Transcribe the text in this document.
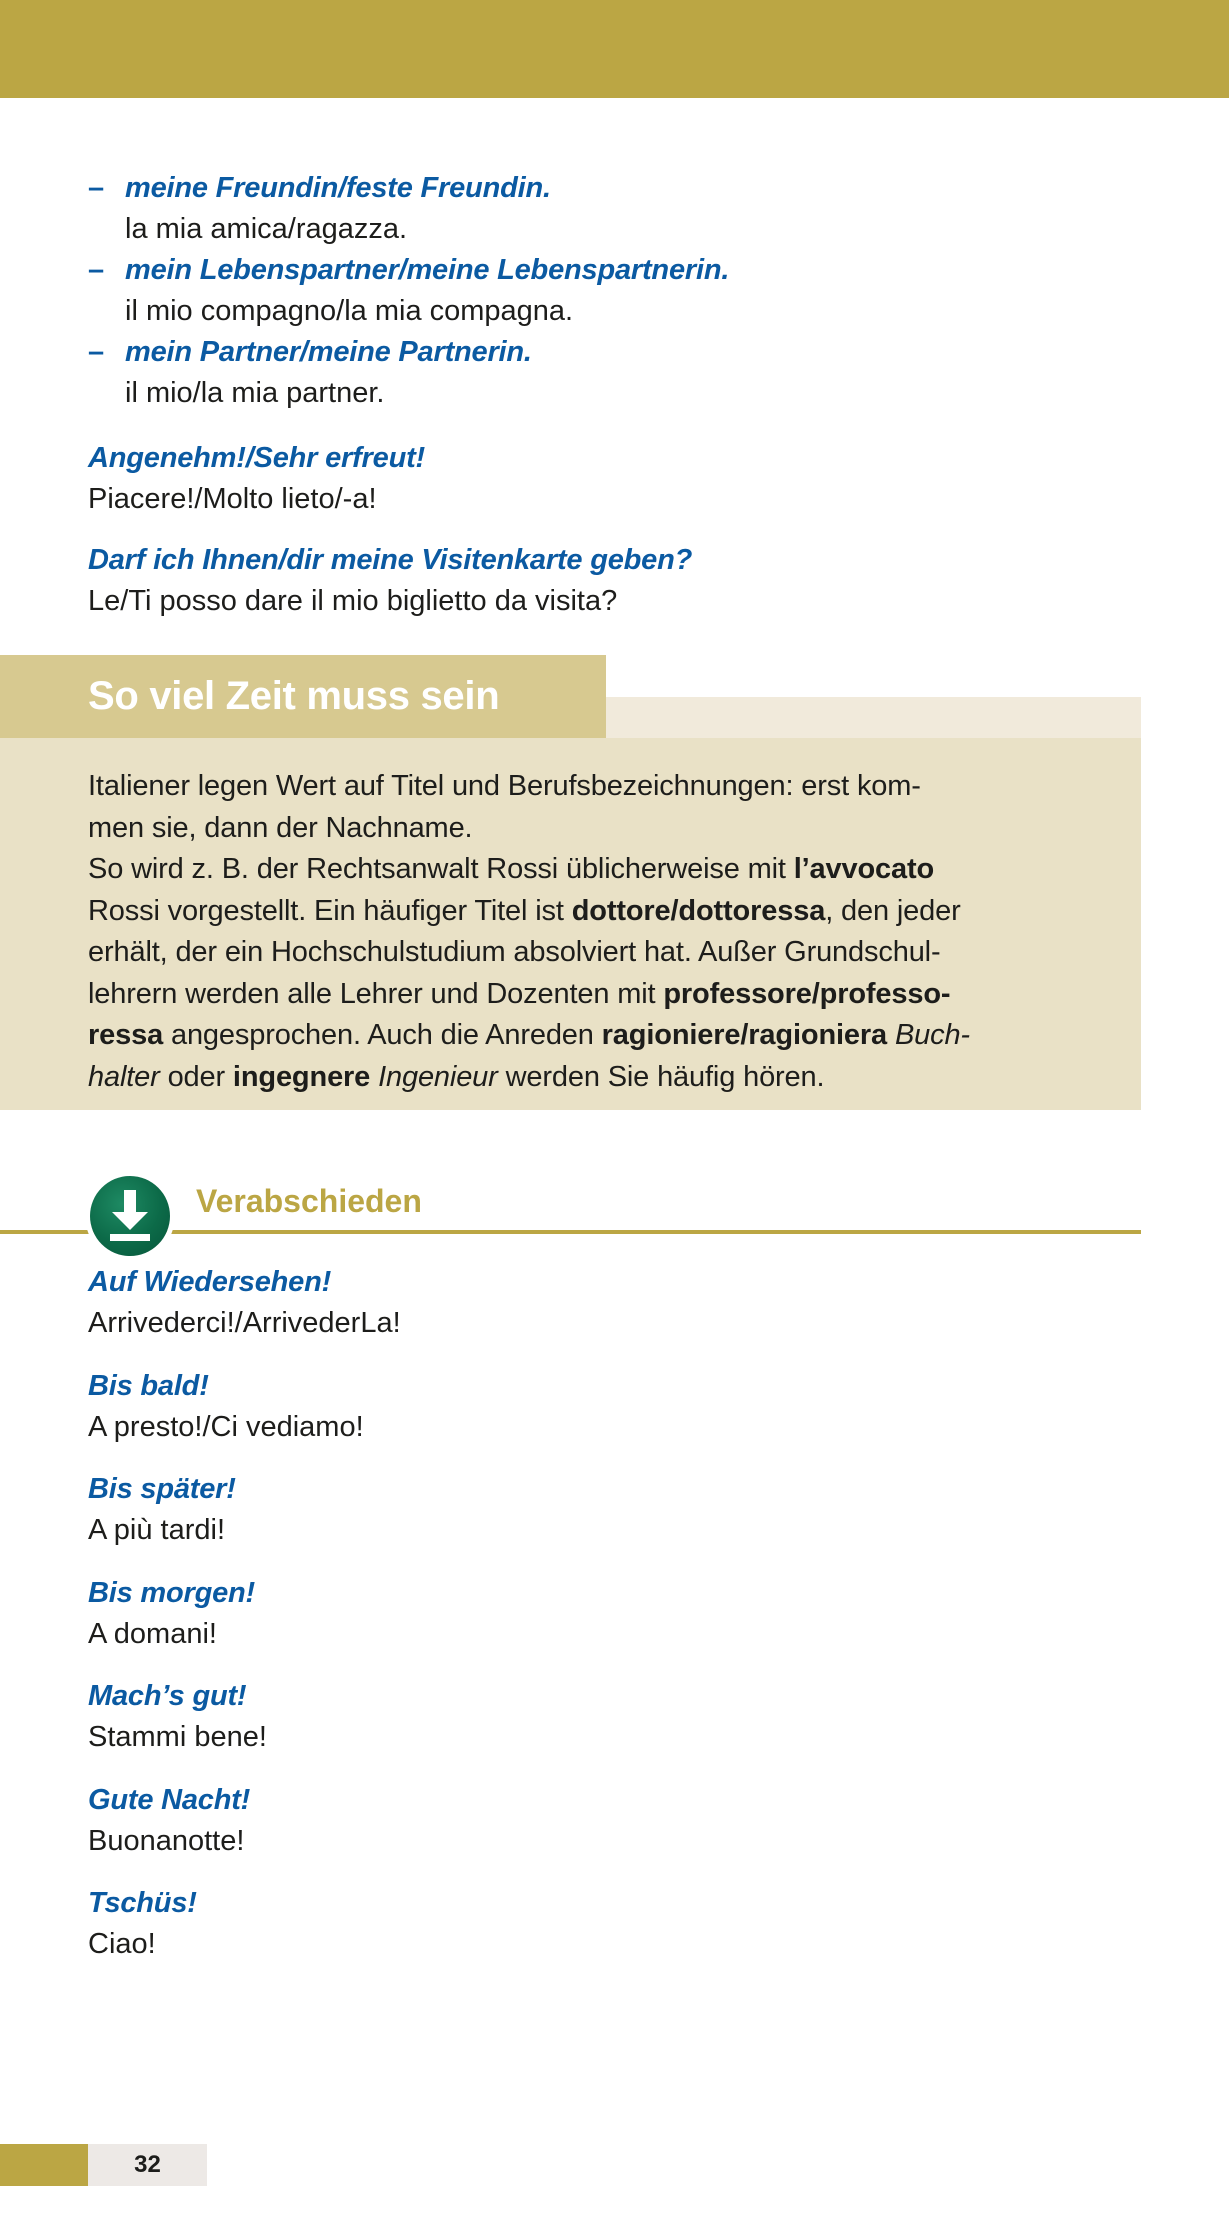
– meine Freundin/feste Freundin.
la mia amica/ragazza.
– mein Lebenspartner/meine Lebenspartnerin.
il mio compagno/la mia compagna.
– mein Partner/meine Partnerin.
il mio/la mia partner.
Angenehm!/Sehr erfreut!
Piacere!/Molto lieto/-a!
Darf ich Ihnen/dir meine Visitenkarte geben?
Le/Ti posso dare il mio biglietto da visita?
So viel Zeit muss sein
Italiener legen Wert auf Titel und Berufsbezeichnungen: erst kom-
men sie, dann der Nachname.
So wird z. B. der Rechtsanwalt Rossi üblicherweise mit l’avvocato
Rossi vorgestellt. Ein häufiger Titel ist dottore/dottoressa, den jeder
erhält, der ein Hochschulstudium absolviert hat. Außer Grundschul-
lehrern werden alle Lehrer und Dozenten mit professore/professo-
ressa angesprochen. Auch die Anreden ragioniere/ragioniera Buch-
halter oder ingegnere Ingenieur werden Sie häufig hören.
Verabschieden
Auf Wiedersehen!
Arrivederci!/ArrivederLa!
Bis bald!
A presto!/Ci vediamo!
Bis später!
A più tardi!
Bis morgen!
A domani!
Mach’s gut!
Stammi bene!
Gute Nacht!
Buonanotte!
Tschüs!
Ciao!
32
